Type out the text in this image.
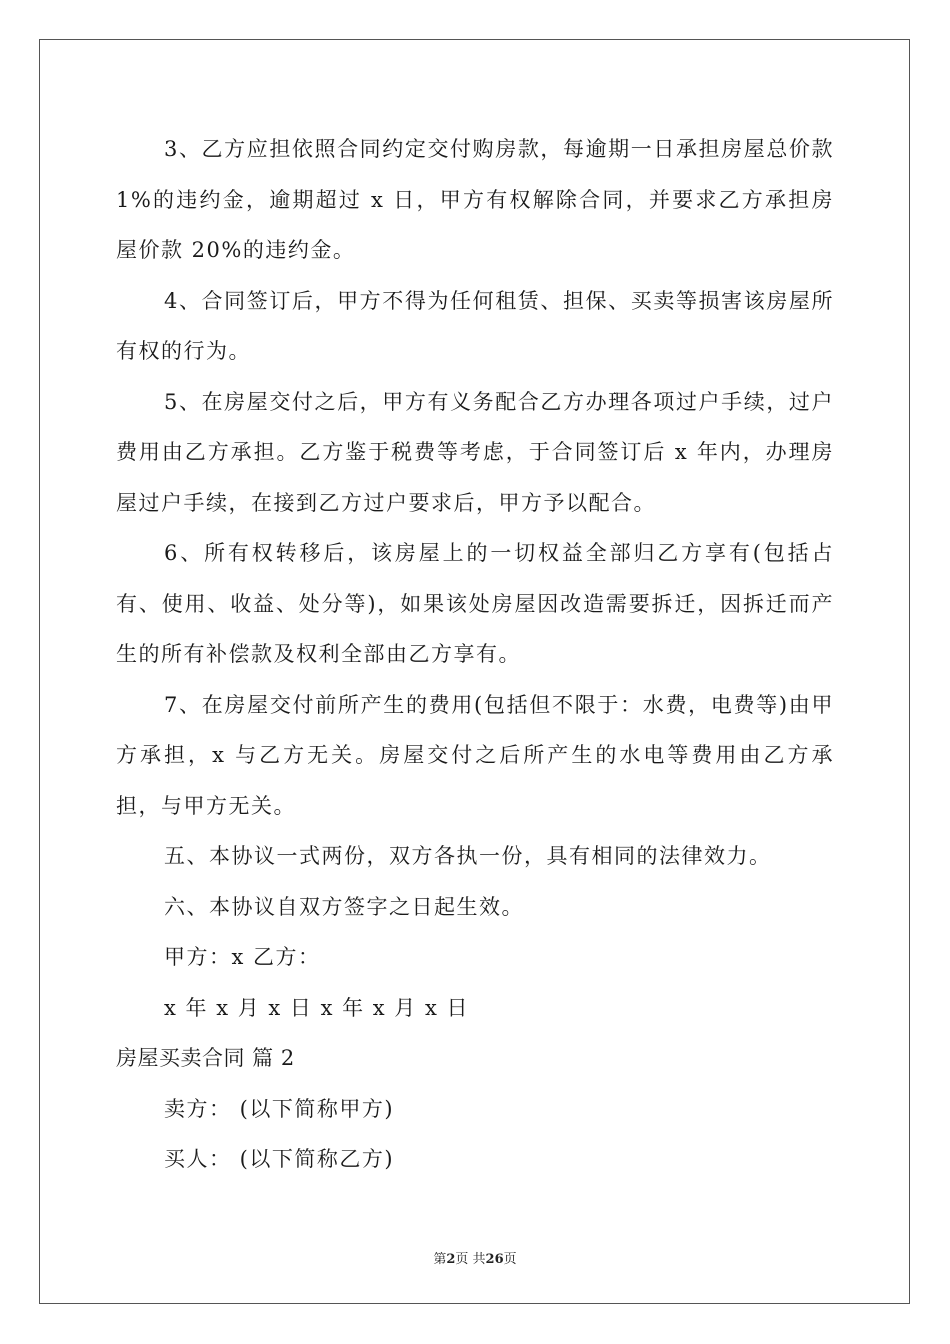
3、乙方应担依照合同约定交付购房款，每逾期一日承担房屋总价款 1%的违约金，逾期超过 x 日，甲方有权解除合同，并要求乙方承担房屋价款 20%的违约金。

4、合同签订后，甲方不得为任何租赁、担保、买卖等损害该房屋所有权的行为。

5、在房屋交付之后，甲方有义务配合乙方办理各项过户手续，过户费用由乙方承担。乙方鉴于税费等考虑，于合同签订后 x 年内，办理房屋过户手续，在接到乙方过户要求后，甲方予以配合。

6、所有权转移后，该房屋上的一切权益全部归乙方享有(包括占有、使用、收益、处分等)，如果该处房屋因改造需要拆迁，因拆迁而产生的所有补偿款及权利全部由乙方享有。

7、在房屋交付前所产生的费用(包括但不限于：水费，电费等)由甲方承担，x 与乙方无关。房屋交付之后所产生的水电等费用由乙方承担，与甲方无关。

五、本协议一式两份，双方各执一份，具有相同的法律效力。

六、本协议自双方签字之日起生效。

甲方：x 乙方：

x 年 x 月 x 日 x 年 x 月 x 日

房屋买卖合同 篇 2

卖方： (以下简称甲方)

买人： (以下简称乙方)

第2页 共26页
